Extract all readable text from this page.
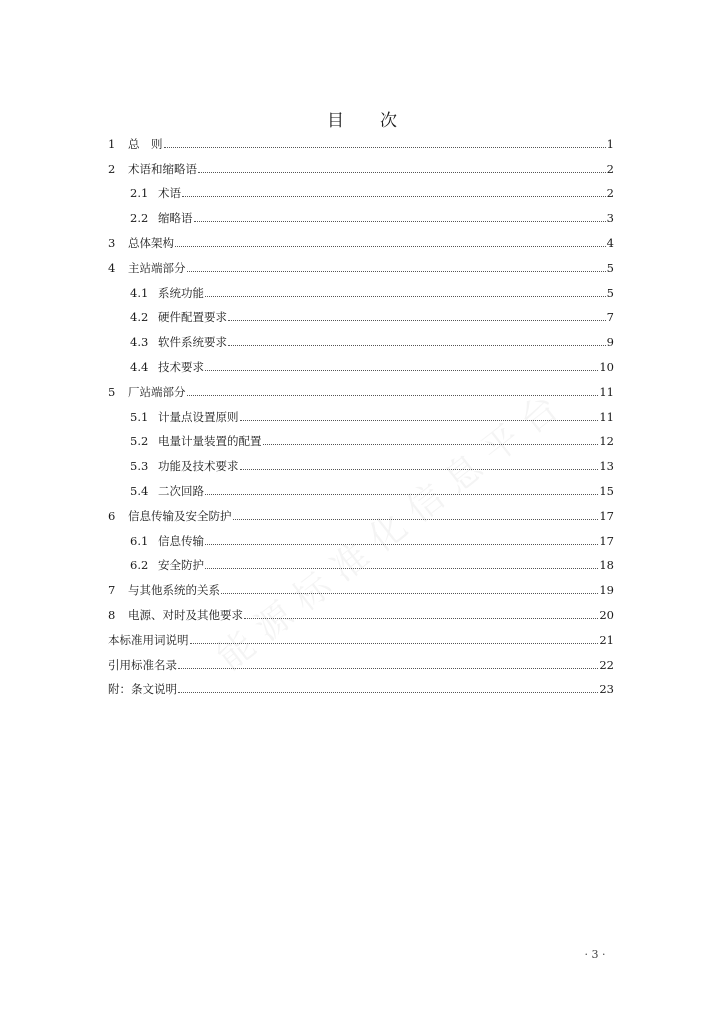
目次
1	总　则	1
2	术语和缩略语	2
2.1 术语	2
2.2 缩略语	3
3	总体架构	4
4	主站端部分	5
4.1 系统功能	5
4.2 硬件配置要求	7
4.3 软件系统要求	9
4.4 技术要求	10
5	厂站端部分	11
5.1 计量点设置原则	11
5.2 电量计量装置的配置	12
5.3 功能及技术要求	13
5.4 二次回路	15
6	信息传输及安全防护	17
6.1 信息传输	17
6.2 安全防护	18
7	与其他系统的关系	19
8	电源、对时及其他要求	20
本标准用词说明	21
引用标准名录	22
附：条文说明	23
· 3 ·
